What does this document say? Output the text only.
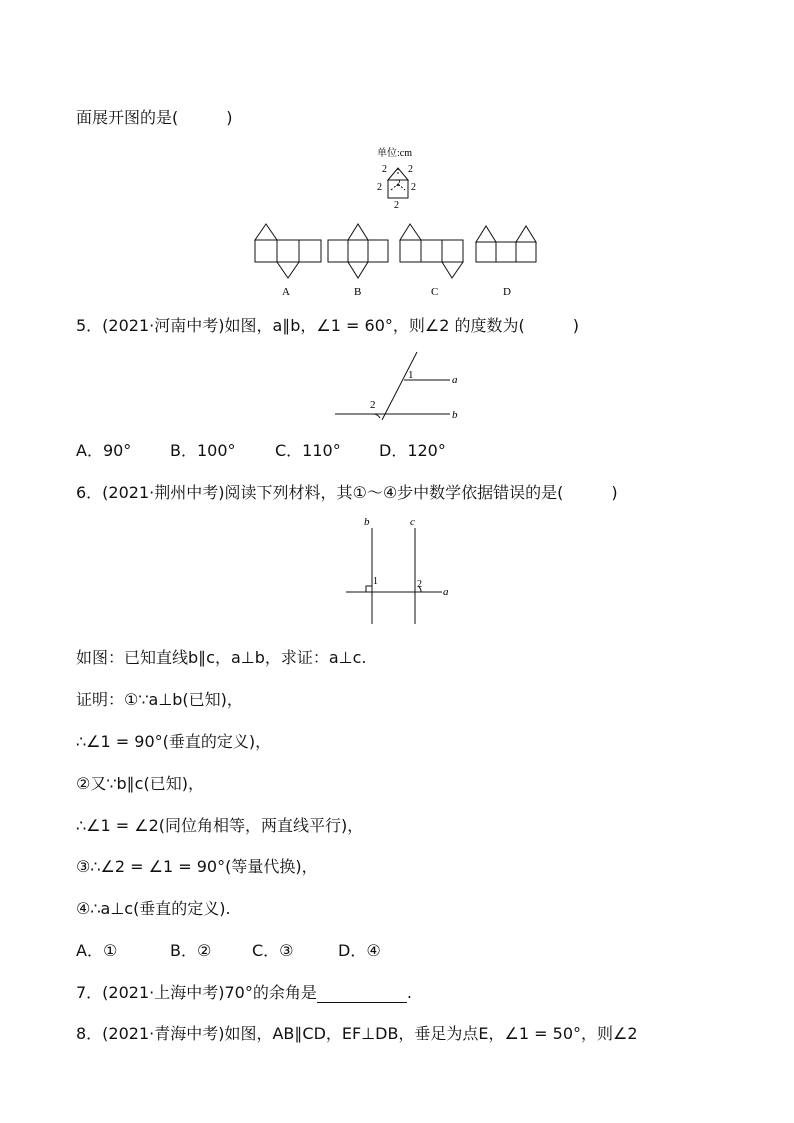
面展开图的是(　　　)
单位:cm
2 2
2	2
2
2
A	B	C	D
5．(2021·河南中考)如图，a∥b，∠1 = 60°，则∠2 的度数为(　　　)
1
2
a
b
A．90° B．100° C．110° D．120°
6．(2021·荆州中考)阅读下列材料，其①～④步中数学依据错误的是(　　　)
b	c
a
1	2
如图：已知直线b∥c，a⊥b，求证：a⊥c.
证明：①∵a⊥b(已知)，
∴∠1 = 90°(垂直的定义)，
②又∵b∥c(已知)，
∴∠1 = ∠2(同位角相等，两直线平行)，
③∴∠2 = ∠1 = 90°(等量代换)，
④∴a⊥c(垂直的定义).
A．①	B．②	C．③	D．④
7．(2021·上海中考)70°的余角是	.
8．(2021·青海中考)如图，AB∥CD，EF⊥DB，垂足为点E，∠1 = 50°，则∠2
